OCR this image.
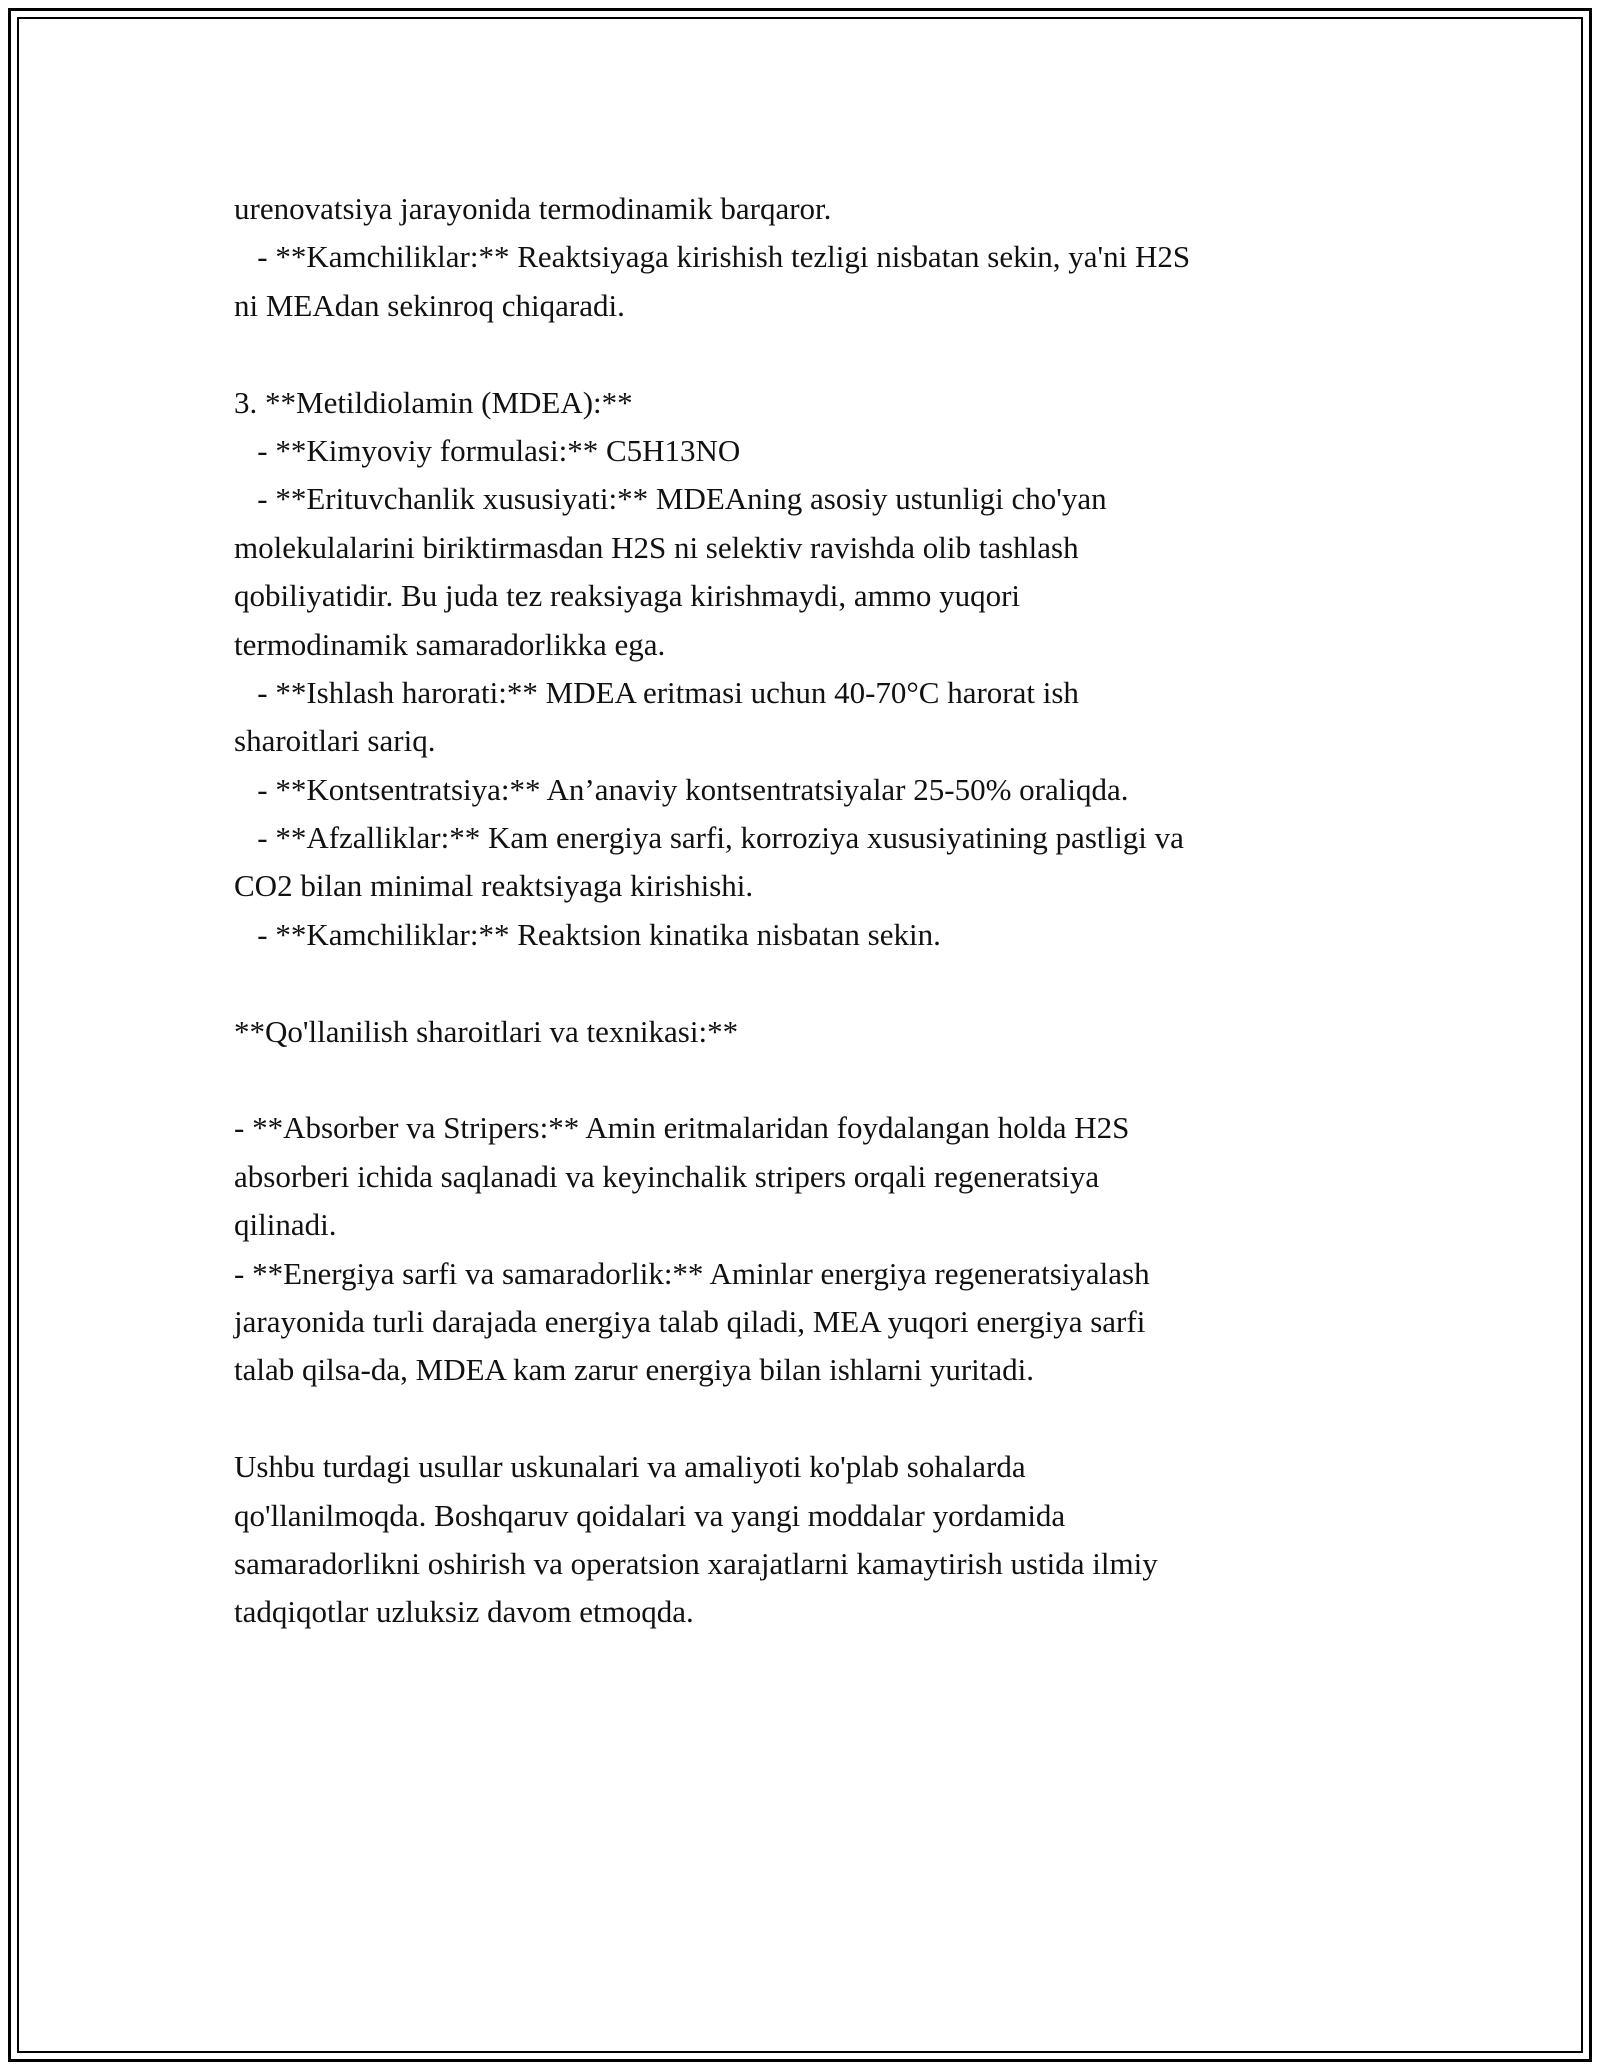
urenovatsiya jarayonida termodinamik barqaror.
- **Kamchiliklar:** Reaktsiyaga kirishish tezligi nisbatan sekin, ya'ni H2S
ni MEAdan sekinroq chiqaradi.
3. **Metildiolamin (MDEA):**
- **Kimyoviy formulasi:** C5H13NO
- **Erituvchanlik xususiyati:** MDEAning asosiy ustunligi cho'yan
molekulalarini biriktirmasdan H2S ni selektiv ravishda olib tashlash
qobiliyatidir. Bu juda tez reaksiyaga kirishmaydi, ammo yuqori
termodinamik samaradorlikka ega.
- **Ishlash harorati:** MDEA eritmasi uchun 40-70°C harorat ish
sharoitlari sariq.
- **Kontsentratsiya:** An’anaviy kontsentratsiyalar 25-50% oraliqda.
- **Afzalliklar:** Kam energiya sarfi, korroziya xususiyatining pastligi va
CO2 bilan minimal reaktsiyaga kirishishi.
- **Kamchiliklar:** Reaktsion kinatika nisbatan sekin.
**Qo'llanilish sharoitlari va texnikasi:**
- **Absorber va Stripers:** Amin eritmalaridan foydalangan holda H2S
absorberi ichida saqlanadi va keyinchalik stripers orqali regeneratsiya
qilinadi.
- **Energiya sarfi va samaradorlik:** Aminlar energiya regeneratsiyalash
jarayonida turli darajada energiya talab qiladi, MEA yuqori energiya sarfi
talab qilsa-da, MDEA kam zarur energiya bilan ishlarni yuritadi.
Ushbu turdagi usullar uskunalari va amaliyoti ko'plab sohalarda
qo'llanilmoqda. Boshqaruv qoidalari va yangi moddalar yordamida
samaradorlikni oshirish va operatsion xarajatlarni kamaytirish ustida ilmiy
tadqiqotlar uzluksiz davom etmoqda.
